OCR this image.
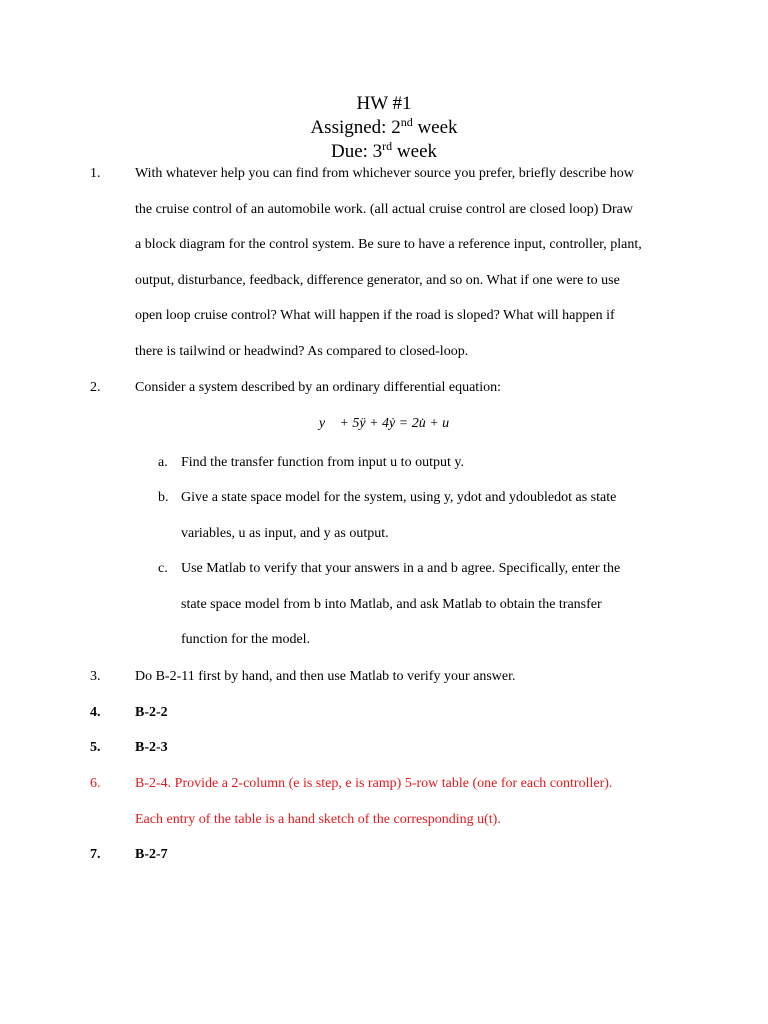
HW #1
Assigned: 2nd week
Due: 3rd week
1. With whatever help you can find from whichever source you prefer, briefly describe how
the cruise control of an automobile work. (all actual cruise control are closed loop) Draw
a block diagram for the control system. Be sure to have a reference input, controller, plant,
output, disturbance, feedback, difference generator, and so on. What if one were to use
open loop cruise control? What will happen if the road is sloped? What will happen if
there is tailwind or headwind? As compared to closed-loop.
2. Consider a system described by an ordinary differential equation:
y⃛ + 5ÿ + 4ẏ = 2u̇ + u
a. Find the transfer function from input u to output y.
b. Give a state space model for the system, using y, ydot and ydoubledot as state
variables, u as input, and y as output.
c. Use Matlab to verify that your answers in a and b agree. Specifically, enter the
state space model from b into Matlab, and ask Matlab to obtain the transfer
function for the model.
3. Do B-2-11 first by hand, and then use Matlab to verify your answer.
4. B-2-2
5. B-2-3
6. B-2-4. Provide a 2-column (e is step, e is ramp) 5-row table (one for each controller).
Each entry of the table is a hand sketch of the corresponding u(t).
7. B-2-7
